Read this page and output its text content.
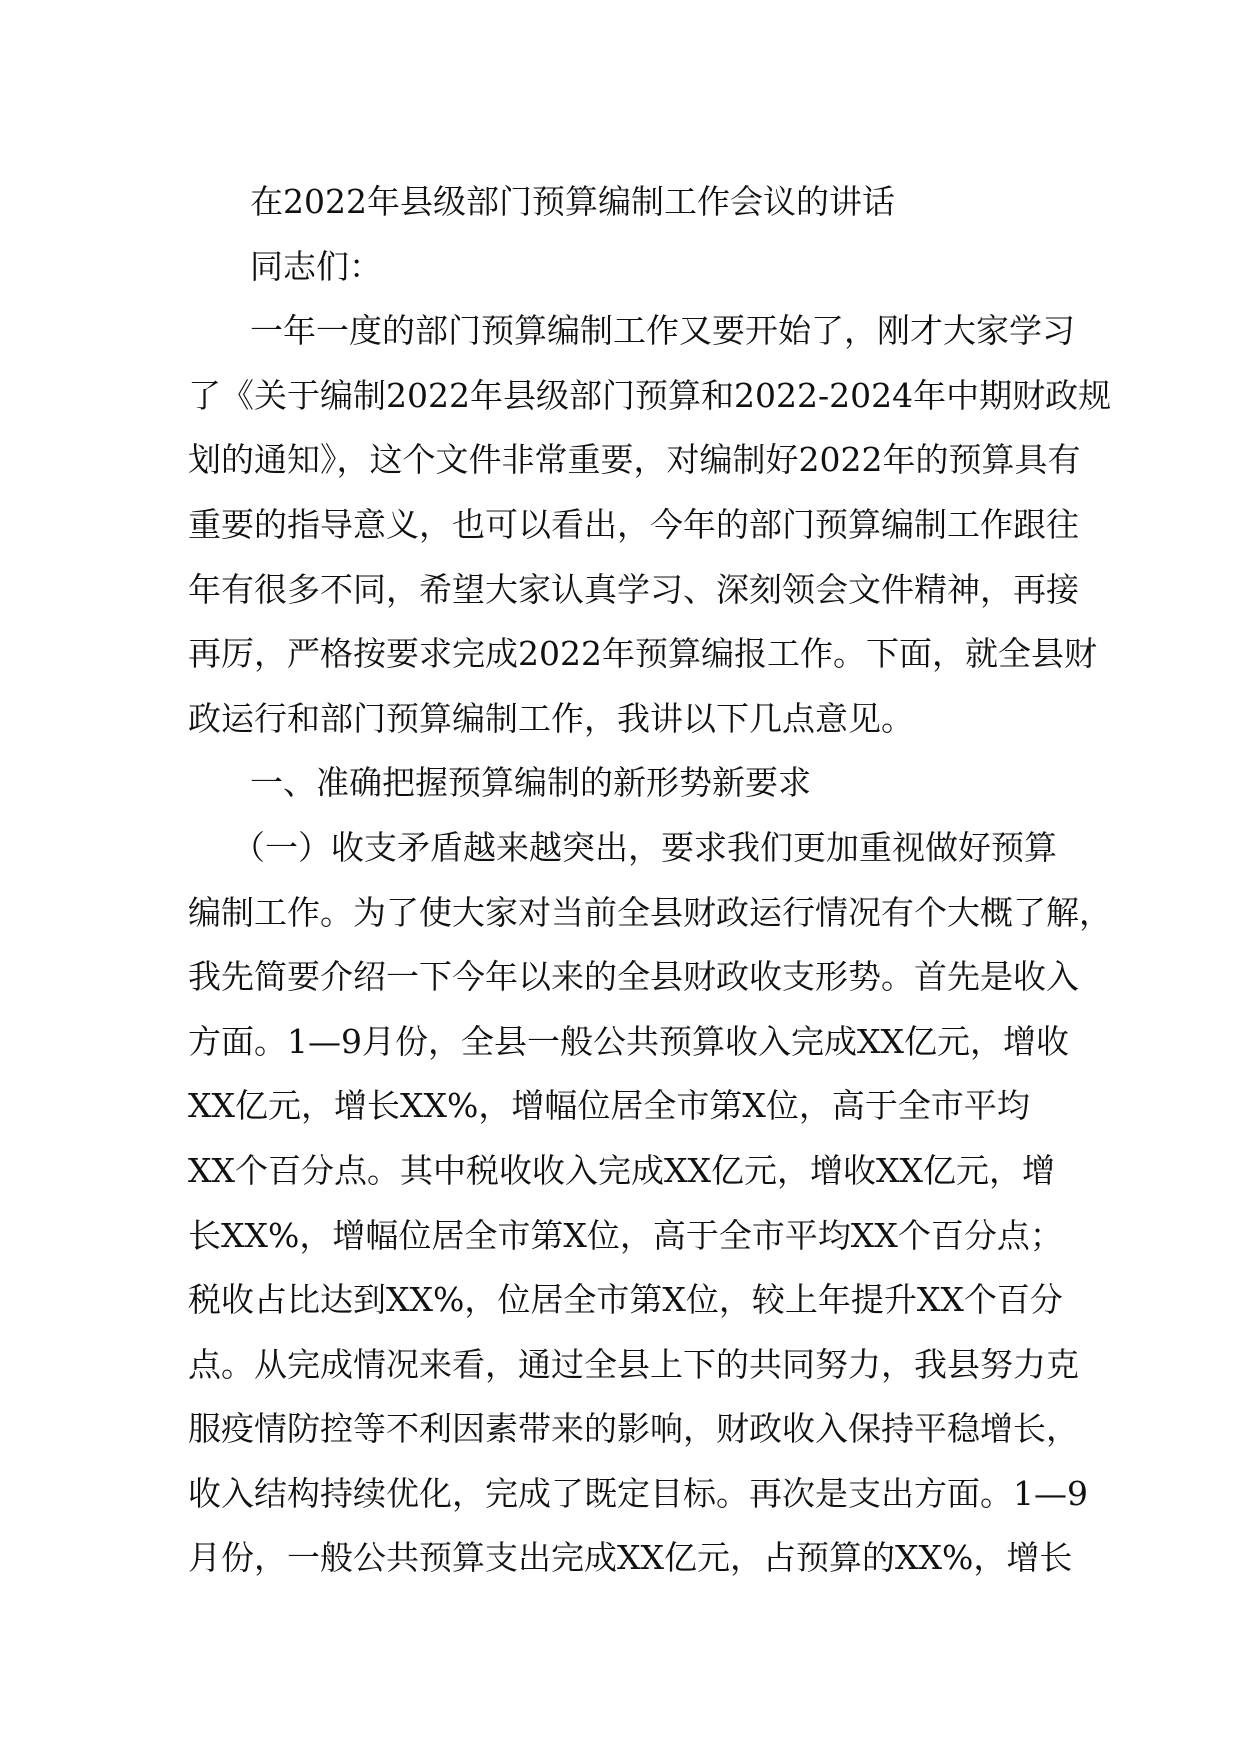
在2022年县级部门预算编制工作会议的讲话
同志们：
一年一度的部门预算编制工作又要开始了，刚才大家学习
了《关于编制2022年县级部门预算和2022-2024年中期财政规
划的通知》，这个文件非常重要，对编制好2022年的预算具有
重要的指导意义，也可以看出，今年的部门预算编制工作跟往
年有很多不同，希望大家认真学习、深刻领会文件精神，再接
再厉，严格按要求完成2022年预算编报工作。下面，就全县财
政运行和部门预算编制工作，我讲以下几点意见。
一、准确把握预算编制的新形势新要求
（一）收支矛盾越来越突出，要求我们更加重视做好预算
编制工作。为了使大家对当前全县财政运行情况有个大概了解，
我先简要介绍一下今年以来的全县财政收支形势。首先是收入
方面。1—9月份，全县一般公共预算收入完成XX亿元，增收
XX亿元，增长XX%，增幅位居全市第X位，高于全市平均
XX个百分点。其中税收收入完成XX亿元，增收XX亿元，增
长XX%，增幅位居全市第X位，高于全市平均XX个百分点；
税收占比达到XX%，位居全市第X位，较上年提升XX个百分
点。从完成情况来看，通过全县上下的共同努力，我县努力克
服疫情防控等不利因素带来的影响，财政收入保持平稳增长，
收入结构持续优化，完成了既定目标。再次是支出方面。1—9
月份，一般公共预算支出完成XX亿元，占预算的XX%，增长
